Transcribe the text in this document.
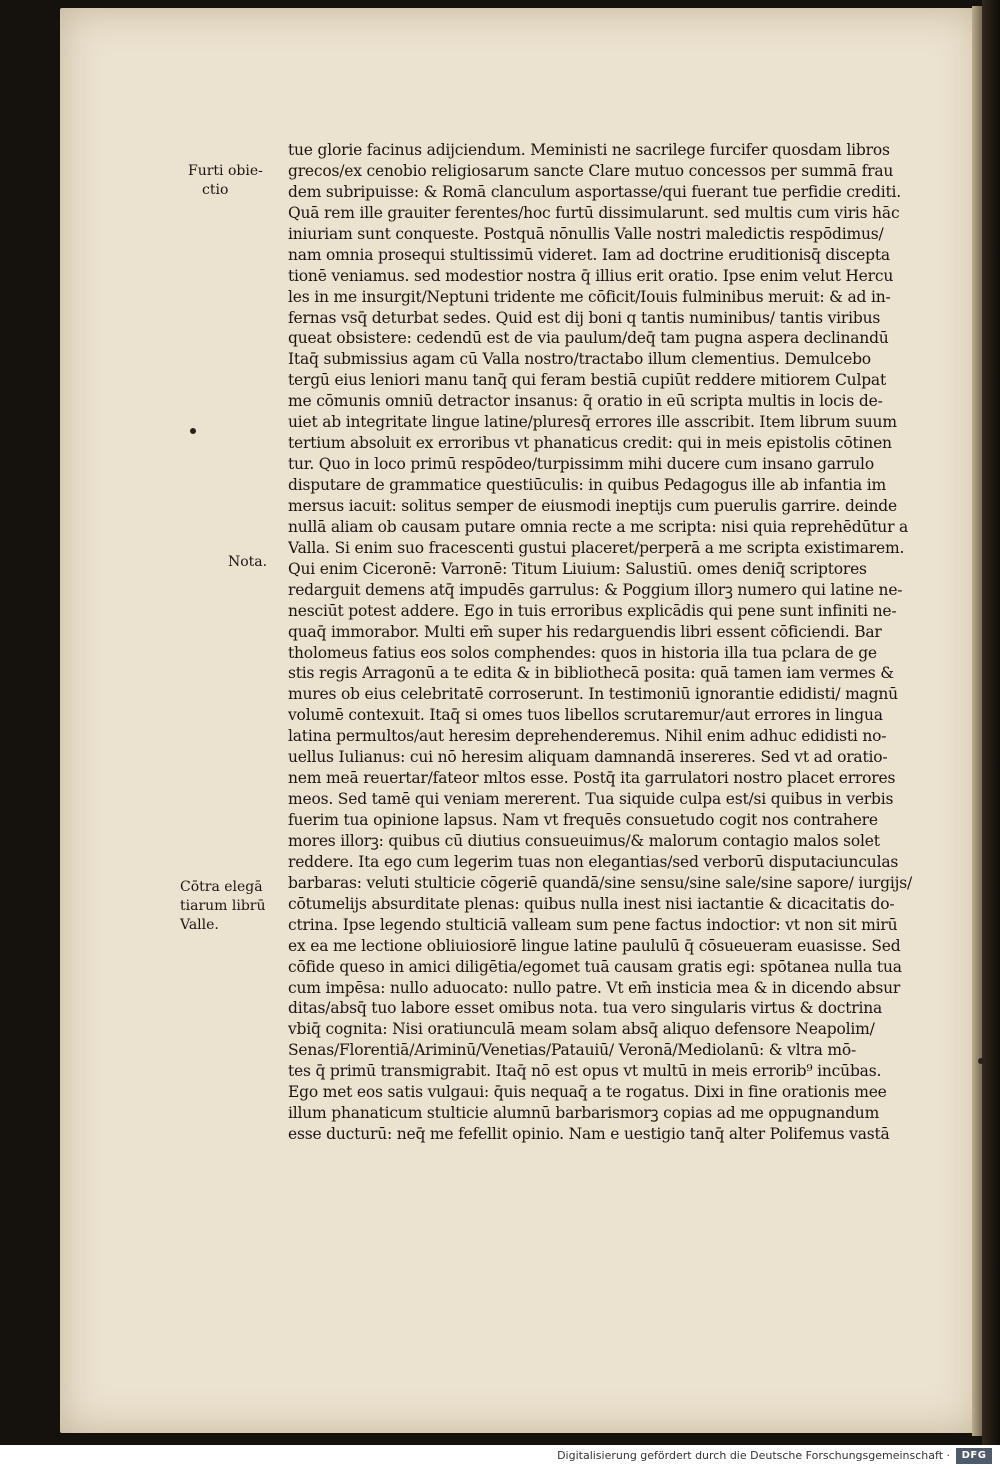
Furti obie-
ctio
Nota.
Cōtra elegā
tiarum librū
Valle.
tue glorie facinus adijciendum. Meministi ne sacrilege furcifer quosdam libros
grecos/ex cenobio religiosarum sancte Clare mutuo concessos per summā frau
dem subripuisse: & Romā clanculum asportasse/qui fuerant tue perfidie crediti.
Quā rem ille grauiter ferentes/hoc furtū dissimularunt. sed multis cum viris hāc
iniuriam sunt conqueste. Postquā nōnullis Valle nostri maledictis respōdimus/
nam omnia prosequi stultissimū videret. Iam ad doctrine eruditionisq̄ discepta
tionē veniamus. sed modestior nostra q̄ illius erit oratio. Ipse enim velut Hercu
les in me insurgit/Neptuni tridente me cōficit/Iouis fulminibus meruit: & ad in-
fernas vsq̄ deturbat sedes. Quid est dij boni q tantis numinibus/ tantis viribus
queat obsistere: cedendū est de via paulum/deq̄ tam pugna aspera declinandū
Itaq̄ submissius agam cū Valla nostro/tractabo illum clementius. Demulcebo
tergū eius leniori manu tanq̄ qui feram bestiā cupiūt reddere mitiorem Culpat
me cōmunis omniū detractor insanus: q̄ oratio in eū scripta multis in locis de-
uiet ab integritate lingue latine/pluresq̄ errores ille asscribit. Item librum suum
tertium absoluit ex erroribus vt phanaticus credit: qui in meis epistolis cōtinen
tur. Quo in loco primū respōdeo/turpissimm mihi ducere cum insano garrulo
disputare de grammatice questiūculis: in quibus Pedagogus ille ab infantia im
mersus iacuit: solitus semper de eiusmodi ineptijs cum puerulis garrire. deinde
nullā aliam ob causam putare omnia recte a me scripta: nisi quia reprehēdūtur a
Valla. Si enim suo fracescenti gustui placeret/perperā a me scripta existimarem.
Qui enim Ciceronē: Varronē: Titum Liuium: Salustiū. omes deniq̄ scriptores
redarguit demens atq̄ impudēs garrulus: & Poggium illorꝫ numero qui latine ne-
nesciūt potest addere. Ego in tuis erroribus explicādis qui pene sunt infiniti ne-
quaq̄ immorabor. Multi em̄ super his redarguendis libri essent cōficiendi. Bar
tholomeus fatius eos solos comphendes: quos in historia illa tua pclara de ge
stis regis Arragonū a te edita & in bibliothecā posita: quā tamen iam vermes &
mures ob eius celebritatē corroserunt. In testimoniū ignorantie edidisti/ magnū
volumē contexuit. Itaq̄ si omes tuos libellos scrutaremur/aut errores in lingua
latina permultos/aut heresim deprehenderemus. Nihil enim adhuc edidisti no-
uellus Iulianus: cui nō heresim aliquam damnandā insereres. Sed vt ad oratio-
nem meā reuertar/fateor mltos esse. Postq̄ ita garrulatori nostro placet errores
meos. Sed tamē qui veniam mererent. Tua siquide culpa est/si quibus in verbis
fuerim tua opinione lapsus. Nam vt frequēs consuetudo cogit nos contrahere
mores illorꝫ: quibus cū diutius consueuimus/& malorum contagio malos solet
reddere. Ita ego cum legerim tuas non elegantias/sed verborū disputaciunculas
barbaras: veluti stulticie cōgeriē quandā/sine sensu/sine sale/sine sapore/ iurgijs/
cōtumelijs absurditate plenas: quibus nulla inest nisi iactantie & dicacitatis do-
ctrina. Ipse legendo stulticiā valleam sum pene factus indoctior: vt non sit mirū
ex ea me lectione obliuiosiorē lingue latine paululū q̄ cōsueueram euasisse. Sed
cōfide queso in amici diligētia/egomet tuā causam gratis egi: spōtanea nulla tua
cum impēsa: nullo aduocato: nullo patre. Vt em̄ insticia mea & in dicendo absur
ditas/absq̄ tuo labore esset omibus nota. tua vero singularis virtus & doctrina
vbiq̄ cognita: Nisi oratiunculā meam solam absq̄ aliquo defensore Neapolim/
Senas/Florentiā/Ariminū/Venetias/Patauiū/ Veronā/Mediolanū: & vltra mō-
tes q̄ primū transmigrabit. Itaq̄ nō est opus vt multū in meis errorib⁹ incūbas.
Ego met eos satis vulgaui: q̄uis nequaq̄ a te rogatus. Dixi in fine orationis mee
illum phanaticum stulticie alumnū barbarismorꝫ copias ad me oppugnandum
esse ducturū: neq̄ me fefellit opinio. Nam e uestigio tanq̄ alter Polifemus vastā
Digitalisierung gefördert durch die Deutsche Forschungsgemeinschaft ·	DFG
